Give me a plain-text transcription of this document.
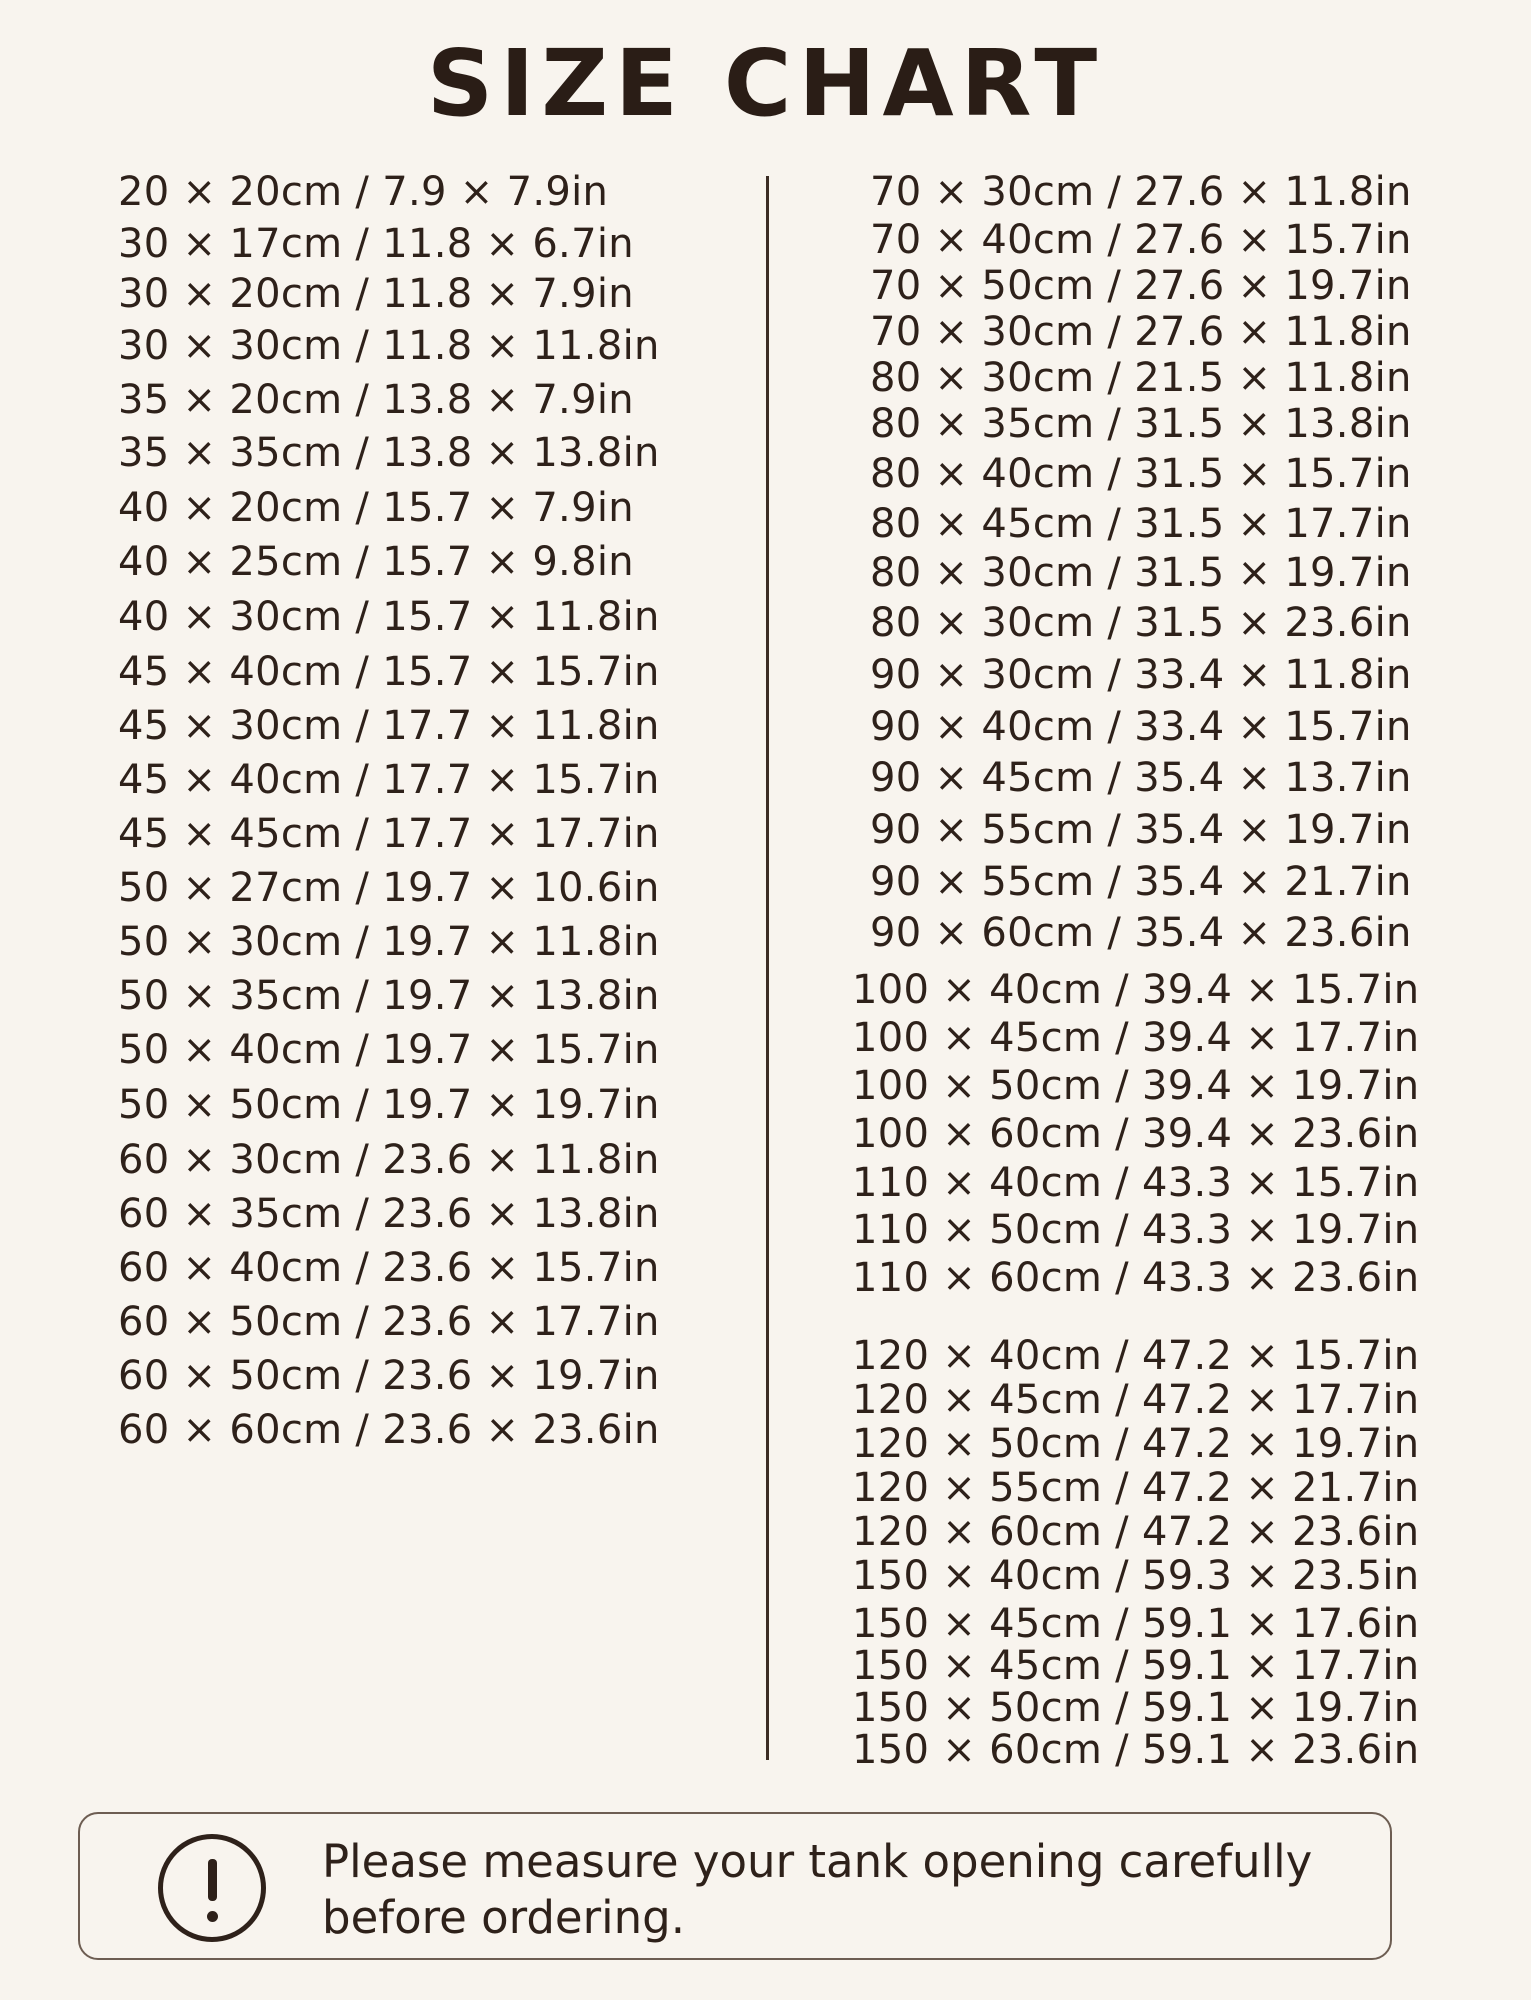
SIZE CHART
20 × 20cm / 7.9 × 7.9in
30 × 17cm / 11.8 × 6.7in
30 × 20cm / 11.8 × 7.9in
30 × 30cm / 11.8 × 11.8in
35 × 20cm / 13.8 × 7.9in
35 × 35cm / 13.8 × 13.8in
40 × 20cm / 15.7 × 7.9in
40 × 25cm / 15.7 × 9.8in
40 × 30cm / 15.7 × 11.8in
45 × 40cm / 15.7 × 15.7in
45 × 30cm / 17.7 × 11.8in
45 × 40cm / 17.7 × 15.7in
45 × 45cm / 17.7 × 17.7in
50 × 27cm / 19.7 × 10.6in
50 × 30cm / 19.7 × 11.8in
50 × 35cm / 19.7 × 13.8in
50 × 40cm / 19.7 × 15.7in
50 × 50cm / 19.7 × 19.7in
60 × 30cm / 23.6 × 11.8in
60 × 35cm / 23.6 × 13.8in
60 × 40cm / 23.6 × 15.7in
60 × 50cm / 23.6 × 17.7in
60 × 50cm / 23.6 × 19.7in
60 × 60cm / 23.6 × 23.6in
70 × 30cm / 27.6 × 11.8in
70 × 40cm / 27.6 × 15.7in
70 × 50cm / 27.6 × 19.7in
70 × 30cm / 27.6 × 11.8in
80 × 30cm / 21.5 × 11.8in
80 × 35cm / 31.5 × 13.8in
80 × 40cm / 31.5 × 15.7in
80 × 45cm / 31.5 × 17.7in
80 × 30cm / 31.5 × 19.7in
80 × 30cm / 31.5 × 23.6in
90 × 30cm / 33.4 × 11.8in
90 × 40cm / 33.4 × 15.7in
90 × 45cm / 35.4 × 13.7in
90 × 55cm / 35.4 × 19.7in
90 × 55cm / 35.4 × 21.7in
90 × 60cm / 35.4 × 23.6in
100 × 40cm / 39.4 × 15.7in
100 × 45cm / 39.4 × 17.7in
100 × 50cm / 39.4 × 19.7in
100 × 60cm / 39.4 × 23.6in
110 × 40cm / 43.3 × 15.7in
110 × 50cm / 43.3 × 19.7in
110 × 60cm / 43.3 × 23.6in
120 × 40cm / 47.2 × 15.7in
120 × 45cm / 47.2 × 17.7in
120 × 50cm / 47.2 × 19.7in
120 × 55cm / 47.2 × 21.7in
120 × 60cm / 47.2 × 23.6in
150 × 40cm / 59.3 × 23.5in
150 × 45cm / 59.1 × 17.6in
150 × 45cm / 59.1 × 17.7in
150 × 50cm / 59.1 × 19.7in
150 × 60cm / 59.1 × 23.6in
Please measure your tank opening carefully before ordering.
